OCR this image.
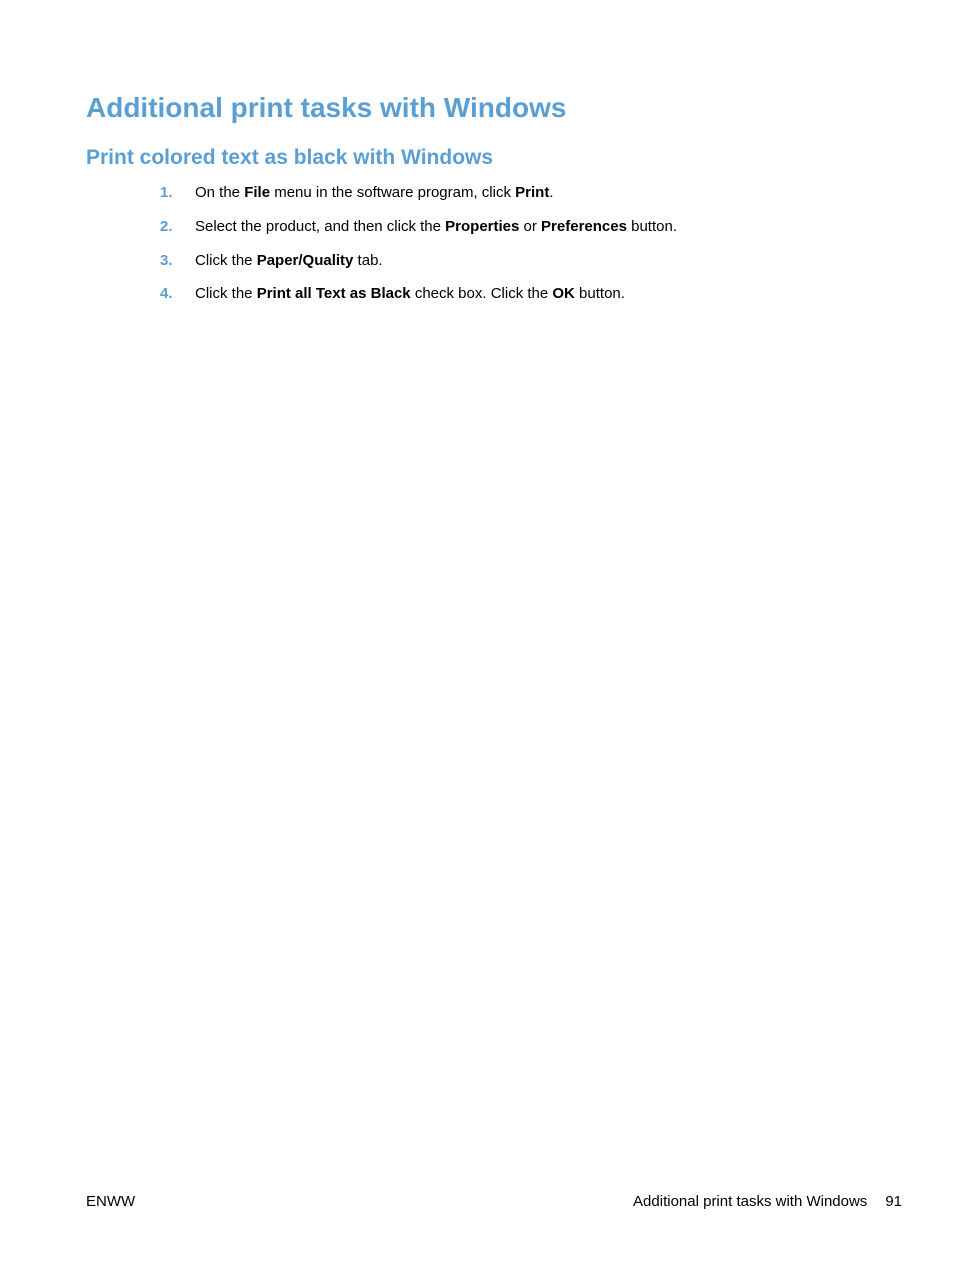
Additional print tasks with Windows
Print colored text as black with Windows
1. On the File menu in the software program, click Print.
2. Select the product, and then click the Properties or Preferences button.
3. Click the Paper/Quality tab.
4. Click the Print all Text as Black check box. Click the OK button.
ENWW	Additional print tasks with Windows 91
